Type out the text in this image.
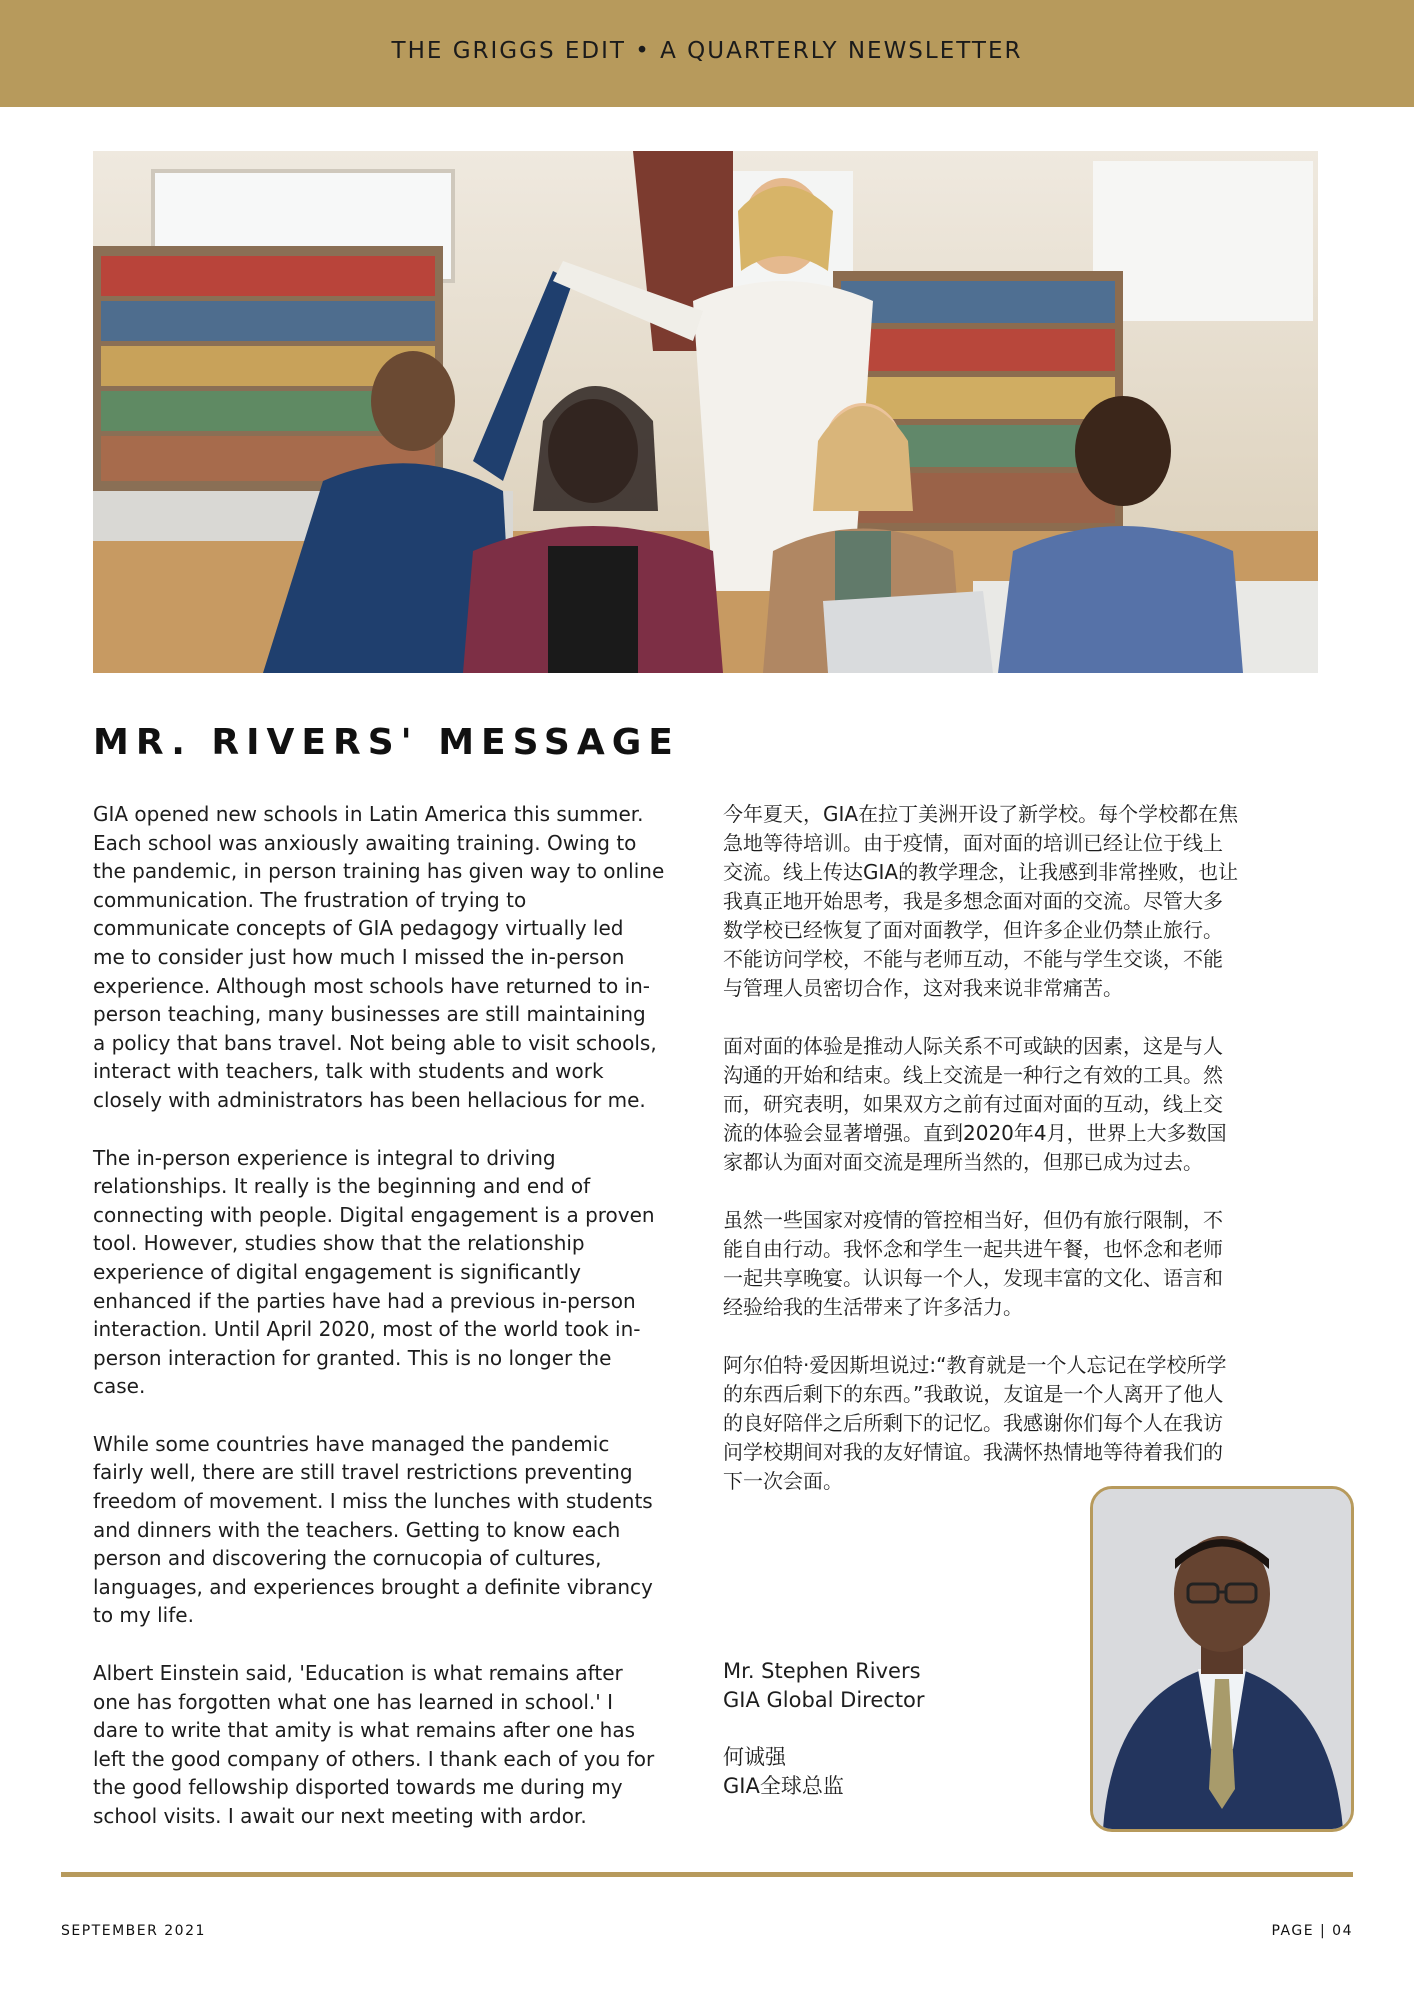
THE GRIGGS EDIT • A QUARTERLY NEWSLETTER
MR. RIVERS' MESSAGE

GIA opened new schools in Latin America this summer.
Each school was anxiously awaiting training. Owing to
the pandemic, in person training has given way to online
communication. The frustration of trying to
communicate concepts of GIA pedagogy virtually led
me to consider just how much I missed the in-person
experience. Although most schools have returned to in-
person teaching, many businesses are still maintaining
a policy that bans travel. Not being able to visit schools,
interact with teachers, talk with students and work
closely with administrators has been hellacious for me.

The in-person experience is integral to driving
relationships. It really is the beginning and end of
connecting with people. Digital engagement is a proven
tool. However, studies show that the relationship
experience of digital engagement is significantly
enhanced if the parties have had a previous in-person
interaction. Until April 2020, most of the world took in-
person interaction for granted. This is no longer the
case.

While some countries have managed the pandemic
fairly well, there are still travel restrictions preventing
freedom of movement. I miss the lunches with students
and dinners with the teachers. Getting to know each
person and discovering the cornucopia of cultures,
languages, and experiences brought a definite vibrancy
to my life.

Albert Einstein said, 'Education is what remains after
one has forgotten what one has learned in school.' I
dare to write that amity is what remains after one has
left the good company of others. I thank each of you for
the good fellowship disported towards me during my
school visits. I await our next meeting with ardor.

今年夏天，GIA在拉丁美洲开设了新学校。每个学校都在焦
急地等待培训。由于疫情，面对面的培训已经让位于线上
交流。线上传达GIA的教学理念，让我感到非常挫败，也让
我真正地开始思考，我是多想念面对面的交流。尽管大多
数学校已经恢复了面对面教学，但许多企业仍禁止旅行。
不能访问学校，不能与老师互动，不能与学生交谈，不能
与管理人员密切合作，这对我来说非常痛苦。

面对面的体验是推动人际关系不可或缺的因素，这是与人
沟通的开始和结束。线上交流是一种行之有效的工具。然
而，研究表明，如果双方之前有过面对面的互动，线上交
流的体验会显著增强。直到2020年4月，世界上大多数国
家都认为面对面交流是理所当然的，但那已成为过去。

虽然一些国家对疫情的管控相当好，但仍有旅行限制，不
能自由行动。我怀念和学生一起共进午餐，也怀念和老师
一起共享晚宴。认识每一个人，发现丰富的文化、语言和
经验给我的生活带来了许多活力。

阿尔伯特·爱因斯坦说过:“教育就是一个人忘记在学校所学
的东西后剩下的东西。”我敢说，友谊是一个人离开了他人
的良好陪伴之后所剩下的记忆。我感谢你们每个人在我访
问学校期间对我的友好情谊。我满怀热情地等待着我们的
下一次会面。

Mr. Stephen Rivers
GIA Global Director
何诚强
GIA全球总监
SEPTEMBER 2021	PAGE | 04
